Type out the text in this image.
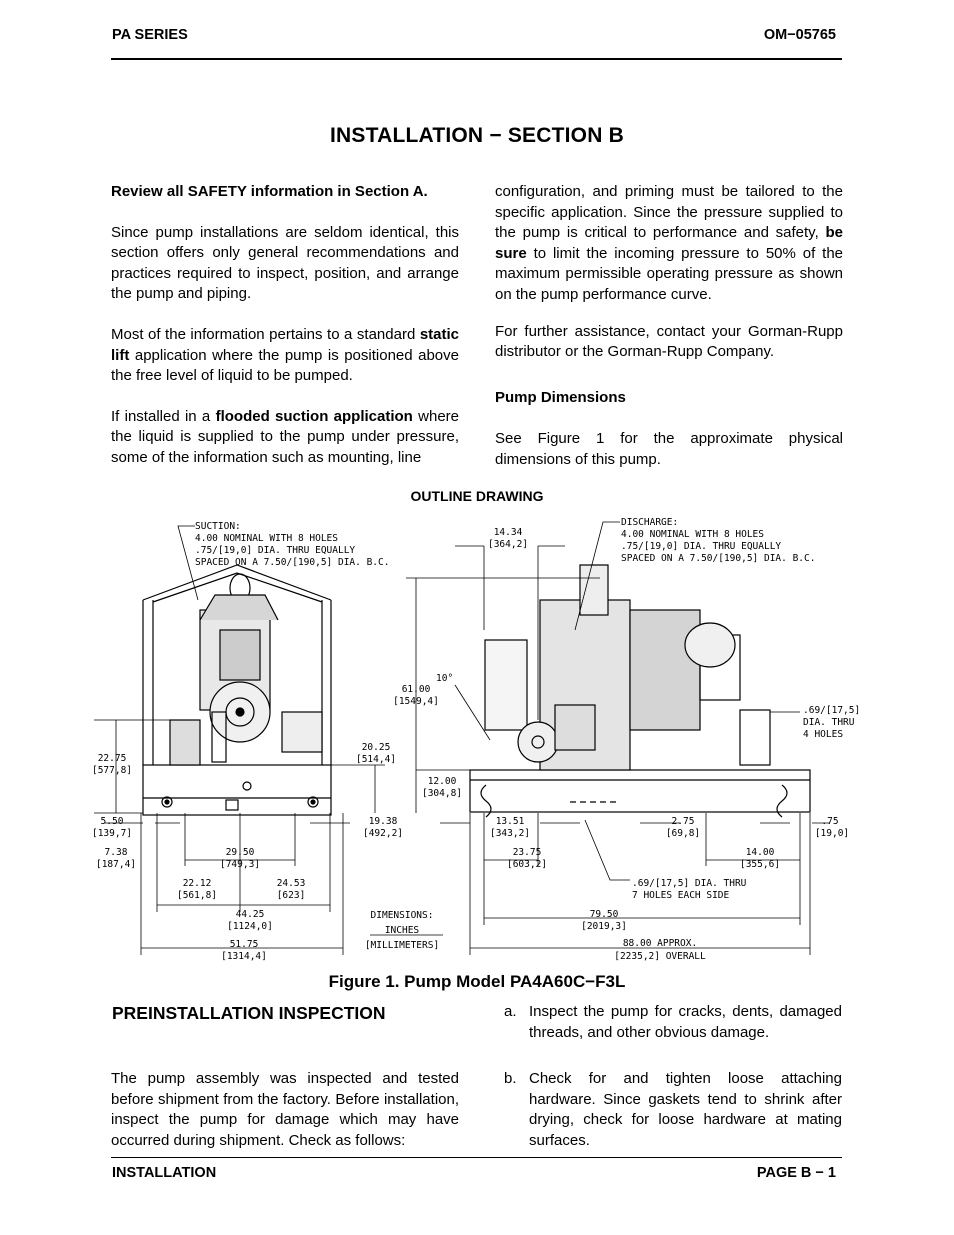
PA SERIES	OM−05765
INSTALLATION − SECTION B

Review all SAFETY information in Section A.

Since pump installations are seldom identical, this section offers only general recommendations and practices required to inspect, position, and arrange the pump and piping.

Most of the information pertains to a standard static lift application where the pump is positioned above the free level of liquid to be pumped.

If installed in a flooded suction application where the liquid is supplied to the pump under pressure, some of the information such as mounting, line

configuration, and priming must be tailored to the specific application. Since the pressure supplied to the pump is critical to performance and safety, be sure to limit the incoming pressure to 50% of the maximum permissible operating pressure as shown on the pump performance curve.

For further assistance, contact your Gorman-Rupp distributor or the Gorman-Rupp Company.

Pump Dimensions

See Figure 1 for the approximate physical dimensions of this pump.

OUTLINE DRAWING
SUCTION:
4.00 NOMINAL WITH 8 HOLES
.75/[19,0] DIA. THRU EQUALLY
SPACED ON A 7.50/[190,5] DIA. B.C.
DISCHARGE:
4.00 NOMINAL WITH 8 HOLES
.75/[19,0] DIA. THRU EQUALLY
SPACED ON A 7.50/[190,5] DIA. B.C.
14.34
[364,2]
61.00
[1549,4]
10°
.69/[17,5]
DIA. THRU
4 HOLES
22.75
[577,8]
20.25
[514,4]
12.00
[304,8]
5.50
[139,7]
19.38
[492,2]
13.51
[343,2]
2.75
[69,8]
.75
[19,0]
7.38
[187,4]
29.50
[749,3]
23.75
[603,2]
14.00
[355,6]
22.12
[561,8]
24.53
[623]
.69/[17,5] DIA. THRU
7 HOLES EACH SIDE
44.25
[1124,0]
79.50
[2019,3]
51.75
[1314,4]
88.00 APPROX.
[2235,2] OVERALL
DIMENSIONS:
INCHES
[MILLIMETERS]
Figure 1. Pump Model PA4A60C−F3L
PREINSTALLATION INSPECTION
The pump assembly was inspected and tested before shipment from the factory. Before installation, inspect the pump for damage which may have occurred during shipment. Check as follows:
a. Inspect the pump for cracks, dents, damaged threads, and other obvious damage.
b. Check for and tighten loose attaching hardware. Since gaskets tend to shrink after drying, check for loose hardware at mating surfaces.
INSTALLATION	PAGE B − 1
